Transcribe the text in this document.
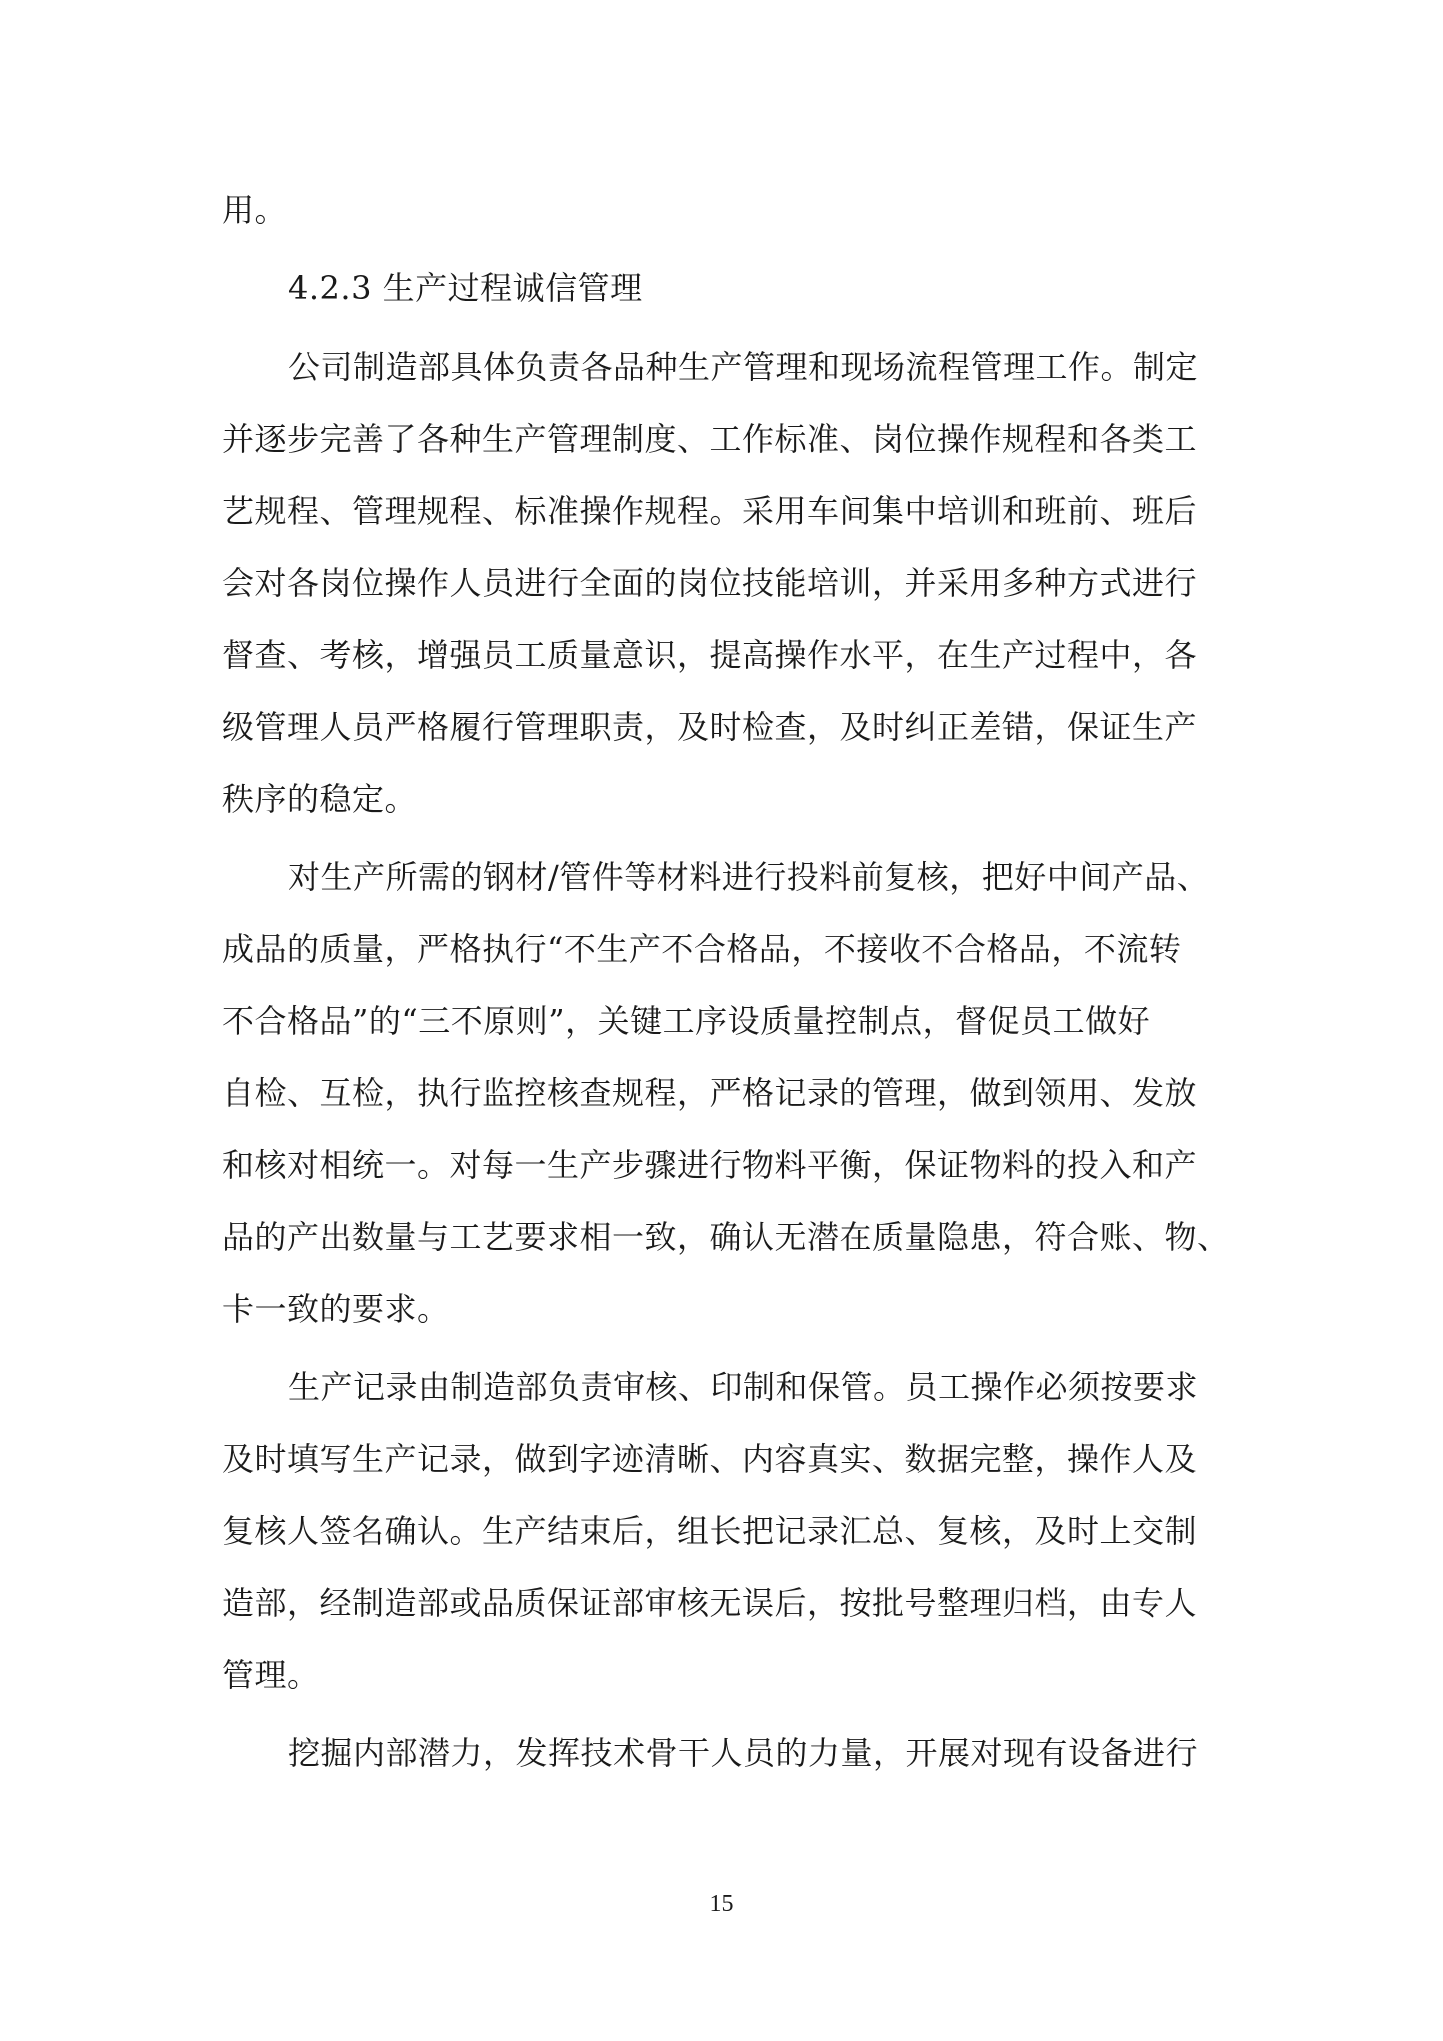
用。
4.2.3 生产过程诚信管理
公司制造部具体负责各品种生产管理和现场流程管理工作。制定
并逐步完善了各种生产管理制度、工作标准、岗位操作规程和各类工
艺规程、管理规程、标准操作规程。采用车间集中培训和班前、班后
会对各岗位操作人员进行全面的岗位技能培训，并采用多种方式进行
督查、考核，增强员工质量意识，提高操作水平，在生产过程中，各
级管理人员严格履行管理职责，及时检查，及时纠正差错，保证生产
秩序的稳定。
对生产所需的钢材/管件等材料进行投料前复核，把好中间产品、
成品的质量，严格执行“不生产不合格品，不接收不合格品，不流转
不合格品”的“三不原则”，关键工序设质量控制点，督促员工做好
自检、互检，执行监控核查规程，严格记录的管理，做到领用、发放
和核对相统一。对每一生产步骤进行物料平衡，保证物料的投入和产
品的产出数量与工艺要求相一致，确认无潜在质量隐患，符合账、物、
卡一致的要求。
生产记录由制造部负责审核、印制和保管。员工操作必须按要求
及时填写生产记录，做到字迹清晰、内容真实、数据完整，操作人及
复核人签名确认。生产结束后，组长把记录汇总、复核，及时上交制
造部，经制造部或品质保证部审核无误后，按批号整理归档，由专人
管理。
挖掘内部潜力，发挥技术骨干人员的力量，开展对现有设备进行
15
